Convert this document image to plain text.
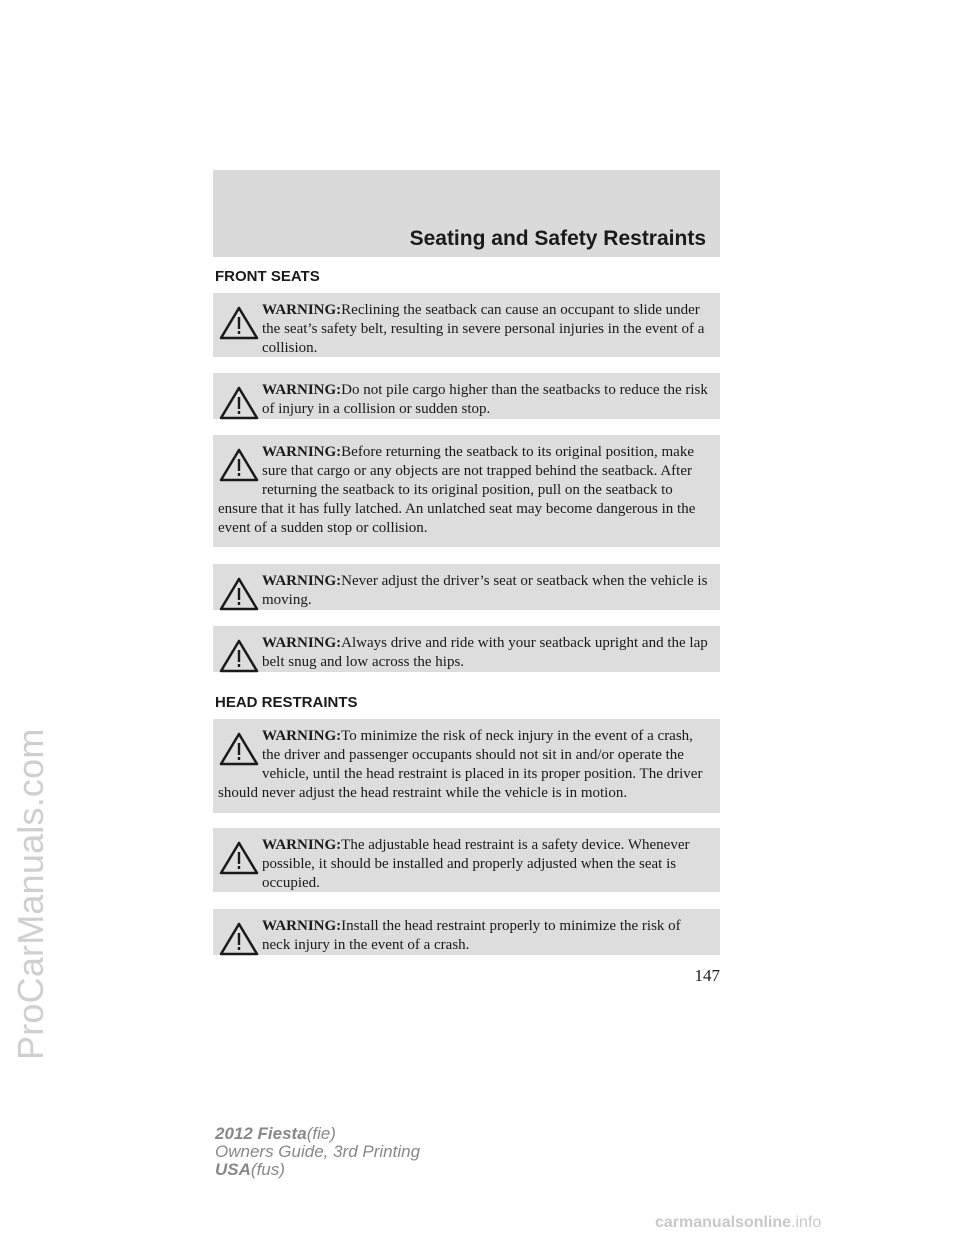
ProCarManuals.com
Seating and Safety Restraints
FRONT SEATS
WARNING:Reclining the seatback can cause an occupant to slide under the seat’s safety belt, resulting in severe personal injuries in the event of a collision.
WARNING:Do not pile cargo higher than the seatbacks to reduce the risk of injury in a collision or sudden stop.
WARNING:Before returning the seatback to its original position, make sure that cargo or any objects are not trapped behind the seatback. After returning the seatback to its original position, pull on the seatback to ensure that it has fully latched. An unlatched seat may become dangerous in the event of a sudden stop or collision.
WARNING:Never adjust the driver’s seat or seatback when the vehicle is moving.
WARNING:Always drive and ride with your seatback upright and the lap belt snug and low across the hips.
HEAD RESTRAINTS
WARNING:To minimize the risk of neck injury in the event of a crash, the driver and passenger occupants should not sit in and/or operate the vehicle, until the head restraint is placed in its proper position. The driver should never adjust the head restraint while the vehicle is in motion.
WARNING:The adjustable head restraint is a safety device. Whenever possible, it should be installed and properly adjusted when the seat is occupied.
WARNING:Install the head restraint properly to minimize the risk of neck injury in the event of a crash.
147
2012 Fiesta(fie)
Owners Guide, 3rd Printing
USA(fus)
carmanualsonline.info
